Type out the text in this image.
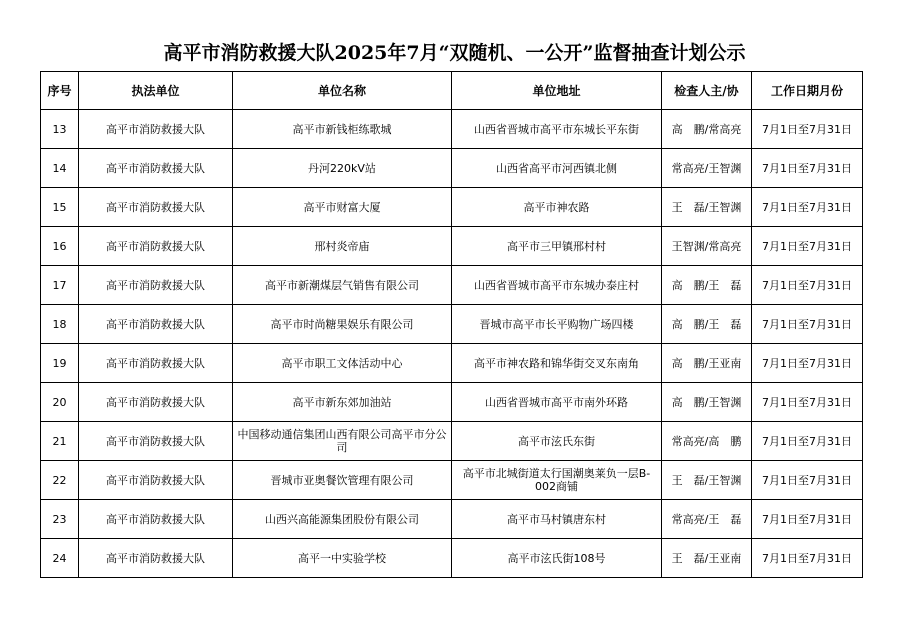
高平市消防救援大队2025年7月“双随机、一公开”监督抽查计划公示
序号	执法单位	单位名称	单位地址	检查人主/协	工作日期月份
13	高平市消防救援大队	高平市新钱柜练歌城	山西省晋城市高平市东城长平东街	高　鹏/常高亮	7月1日至7月31日
14	高平市消防救援大队	丹河220kV站	山西省高平市河西镇北侧	常高亮/王智渊	7月1日至7月31日
15	高平市消防救援大队	高平市财富大厦	高平市神农路	王　磊/王智渊	7月1日至7月31日
16	高平市消防救援大队	邢村炎帝庙	高平市三甲镇邢村村	王智渊/常高亮	7月1日至7月31日
17	高平市消防救援大队	高平市新潮煤层气销售有限公司	山西省晋城市高平市东城办泰庄村	高　鹏/王　磊	7月1日至7月31日
18	高平市消防救援大队	高平市时尚糖果娱乐有限公司	晋城市高平市长平购物广场四楼	高　鹏/王　磊	7月1日至7月31日
19	高平市消防救援大队	高平市职工文体活动中心	高平市神农路和锦华街交叉东南角	高　鹏/王亚南	7月1日至7月31日
20	高平市消防救援大队	高平市新东郊加油站	山西省晋城市高平市南外环路	高　鹏/王智渊	7月1日至7月31日
21	高平市消防救援大队	中国移动通信集团山西有限公司高平市分公司	高平市泫氏东街	常高亮/高　鹏	7月1日至7月31日
22	高平市消防救援大队	晋城市亚奥餐饮管理有限公司	高平市北城街道太行国潮奥莱负一层B-002商铺	王　磊/王智渊	7月1日至7月31日
23	高平市消防救援大队	山西兴高能源集团股份有限公司	高平市马村镇唐东村	常高亮/王　磊	7月1日至7月31日
24	高平市消防救援大队	高平一中实验学校	高平市泫氏街108号	王　磊/王亚南	7月1日至7月31日
